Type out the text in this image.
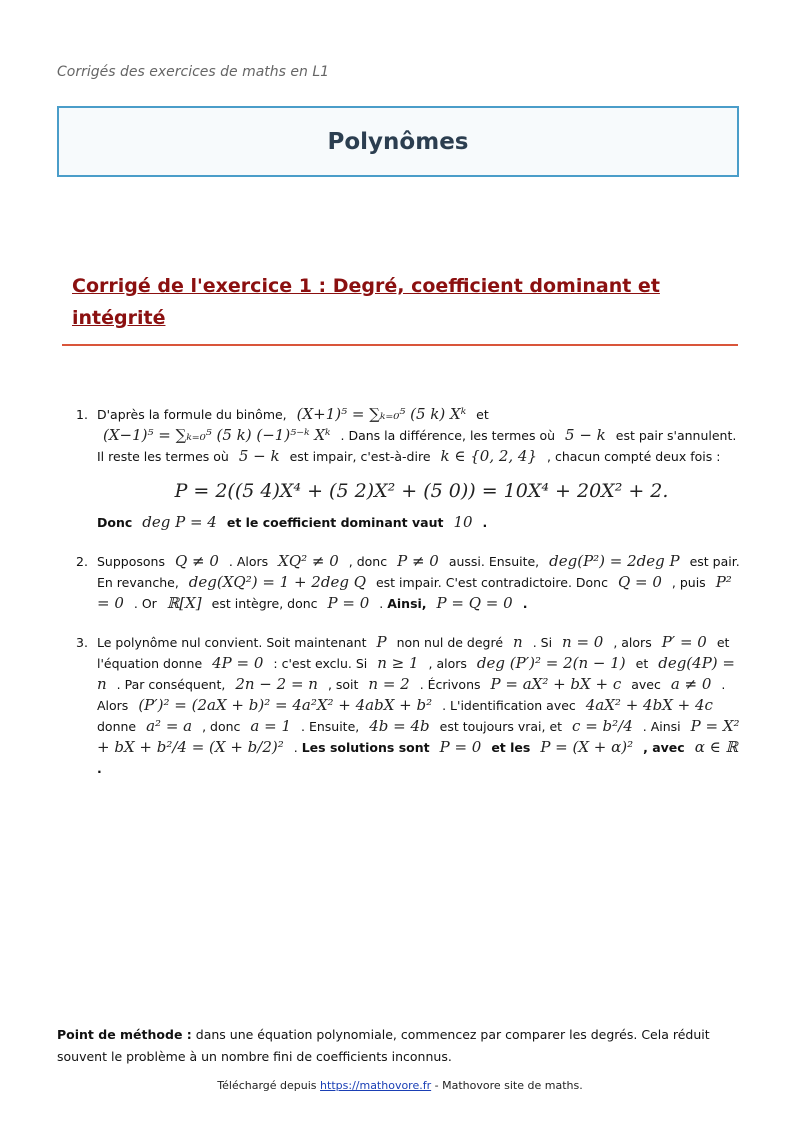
Corrigés des exercices de maths en L1
Polynômes
Corrigé de l'exercice 1 : Degré, coefficient dominant et intégrité
1. D'après la formule du binôme, (X+1)⁵ = ∑ₖ₌₀⁵ (5 k) Xᵏ et
(X−1)⁵ = ∑ₖ₌₀⁵ (5 k) (−1)⁵⁻ᵏ Xᵏ . Dans la différence, les termes où 5 − k est pair s'annulent. Il reste les termes où 5 − k est impair, c'est-à-dire k ∈ {0, 2, 4} , chacun compté deux fois :
P = 2((5 4)X⁴ + (5 2)X² + (5 0)) = 10X⁴ + 20X² + 2.
Donc deg P = 4 et le coefficient dominant vaut 10 .
2. Supposons Q ≠ 0 . Alors XQ² ≠ 0 , donc P ≠ 0 aussi. Ensuite, deg(P²) = 2deg P est pair. En revanche, deg(XQ²) = 1 + 2deg Q est impair. C'est contradictoire. Donc Q = 0 , puis P² = 0 . Or ℝ[X] est intègre, donc P = 0 . Ainsi, P = Q = 0 .
3. Le polynôme nul convient. Soit maintenant P non nul de degré n . Si n = 0 , alors P′ = 0 et l'équation donne 4P = 0 : c'est exclu. Si n ≥ 1 , alors deg (P′)² = 2(n − 1) et deg(4P) = n . Par conséquent, 2n − 2 = n , soit n = 2 . Écrivons P = aX² + bX + c avec a ≠ 0 . Alors (P′)² = (2aX + b)² = 4a²X² + 4abX + b² . L'identification avec 4aX² + 4bX + 4c donne a² = a , donc a = 1 . Ensuite, 4b = 4b est toujours vrai, et c = b²/4 . Ainsi P = X² + bX + b²/4 = (X + b/2)² . Les solutions sont P = 0 et les P = (X + α)² , avec α ∈ ℝ .
Point de méthode : dans une équation polynomiale, commencez par comparer les degrés. Cela réduit souvent le problème à un nombre fini de coefficients inconnus.
Téléchargé depuis https://mathovore.fr - Mathovore site de maths.
